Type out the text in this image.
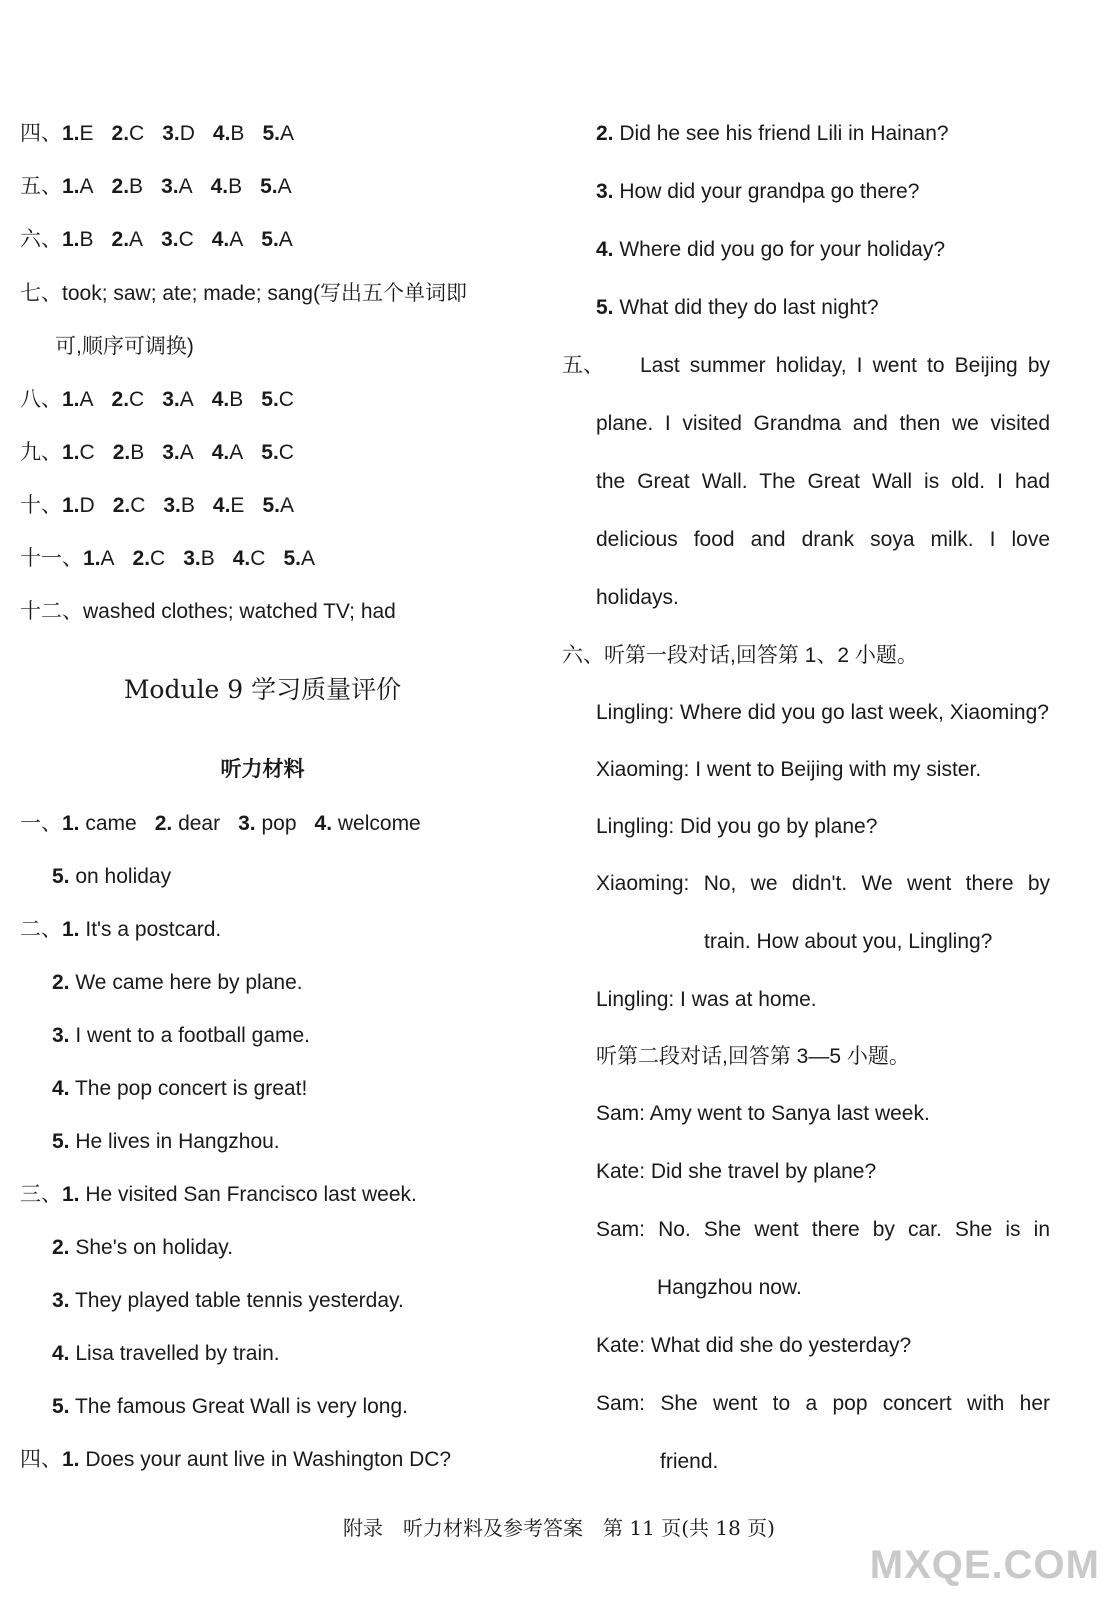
四、1.E 2.C 3.D 4.B 5.A
五、1.A 2.B 3.A 4.B 5.A
六、1.B 2.A 3.C 4.A 5.A
七、took; saw; ate; made; sang(写出五个单词即
可,顺序可调换)
八、1.A 2.C 3.A 4.B 5.C
九、1.C 2.B 3.A 4.A 5.C
十、1.D 2.C 3.B 4.E 5.A
十一、1.A 2.C 3.B 4.C 5.A
十二、washed clothes; watched TV; had
Module 9 学习质量评价
听力材料
一、1. came 2. dear 3. pop 4. welcome
5. on holiday
二、1. It's a postcard.
2. We came here by plane.
3. I went to a football game.
4. The pop concert is great!
5. He lives in Hangzhou.
三、1. He visited San Francisco last week.
2. She's on holiday.
3. They played table tennis yesterday.
4. Lisa travelled by train.
5. The famous Great Wall is very long.
四、1. Does your aunt live in Washington DC?
2. Did he see his friend Lili in Hainan?
3. How did your grandpa go there?
4. Where did you go for your holiday?
5. What did they do last night?
五、 Last summer holiday, I went to Beijing by
plane. I visited Grandma and then we visited
the Great Wall. The Great Wall is old. I had
delicious food and drank soya milk. I love
holidays.
六、听第一段对话,回答第 1、2 小题。
Lingling: Where did you go last week, Xiaoming?
Xiaoming: I went to Beijing with my sister.
Lingling: Did you go by plane?
Xiaoming: No, we didn't. We went there by
train. How about you, Lingling?
Lingling: I was at home.
听第二段对话,回答第 3—5 小题。
Sam: Amy went to Sanya last week.
Kate: Did she travel by plane?
Sam: No. She went there by car. She is in
Hangzhou now.
Kate: What did she do yesterday?
Sam: She went to a pop concert with her
friend.
附录　听力材料及参考答案　第 11 页(共 18 页)
MXQE.COM
